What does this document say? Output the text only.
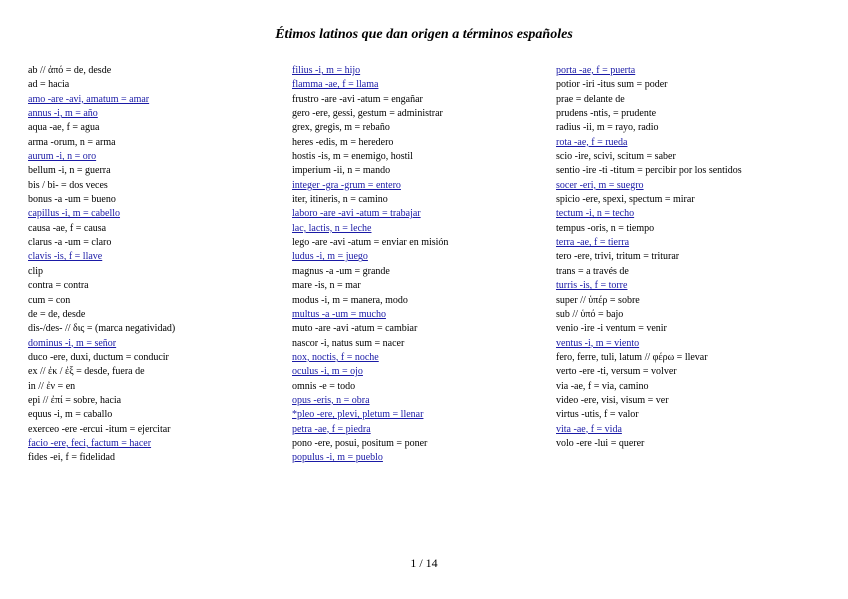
Étimos latinos que dan origen a términos españoles
ab // ἀπό = de, desde
ad = hacia
amo -are -avi, amatum = amar
annus -i, m = año
aqua -ae, f = agua
arma -orum, n = arma
aurum -i, n = oro
bellum -i, n = guerra
bis / bi- = dos veces
bonus -a -um = bueno
capillus -i, m = cabello
causa -ae, f = causa
clarus -a -um = claro
clavis -is, f = llave
clip
contra = contra
cum = con
de = de, desde
dis-/des- // δις = (marca negatividad)
dominus -i, m = señor
duco -ere, duxi, ductum = conducir
ex // ἐκ / ἐξ = desde, fuera de
in // ἐν = en
epi // ἐπί = sobre, hacia
equus -i, m = caballo
exerceo -ere -ercui -itum = ejercitar
facio -ere, feci, factum = hacer
fides -ei, f = fidelidad
filius -i, m = hijo
flamma -ae, f = llama
frustro -are -avi -atum = engañar
gero -ere, gessi, gestum = administrar
grex, gregis, m = rebaño
heres -edis, m = heredero
hostis -is, m = enemigo, hostil
imperium -ii, n = mando
integer -gra -grum = entero
iter, itineris, n = camino
laboro -are -avi -atum = trabajar
lac, lactis, n = leche
lego -are -avi -atum = enviar en misión
ludus -i, m = juego
magnus -a -um = grande
mare -is, n = mar
modus -i, m = manera, modo
multus -a -um = mucho
muto -are -avi -atum = cambiar
nascor -i, natus sum = nacer
nox, noctis, f = noche
oculus -i, m = ojo
omnis -e = todo
opus -eris, n = obra
*pleo -ere, plevi, pletum = llenar
petra -ae, f = piedra
pono -ere, posui, positum = poner
populus -i, m = pueblo
porta -ae, f = puerta
potior -iri -itus sum = poder
prae = delante de
prudens -ntis, = prudente
radius -ii, m = rayo, radio
rota -ae, f = rueda
scio -ire, scivi, scitum = saber
sentio -ire -ti -titum = percibir por los sentidos
socer -eri, m = suegro
spicio -ere, spexi, spectum = mirar
tectum -i, n = techo
tempus -oris, n = tiempo
terra -ae, f = tierra
tero -ere, trivi, tritum = triturar
trans = a través de
turris -is, f = torre
super // ὑπέρ = sobre
sub // ὑπό = bajo
venio -ire -i ventum = venir
ventus -i, m = viento
fero, ferre, tuli, latum // φέρω = llevar
verto -ere -ti, versum = volver
via -ae, f = via, camino
video -ere, visi, visum = ver
virtus -utis, f = valor
vita -ae, f = vida
volo -ere -lui = querer
1 / 14
